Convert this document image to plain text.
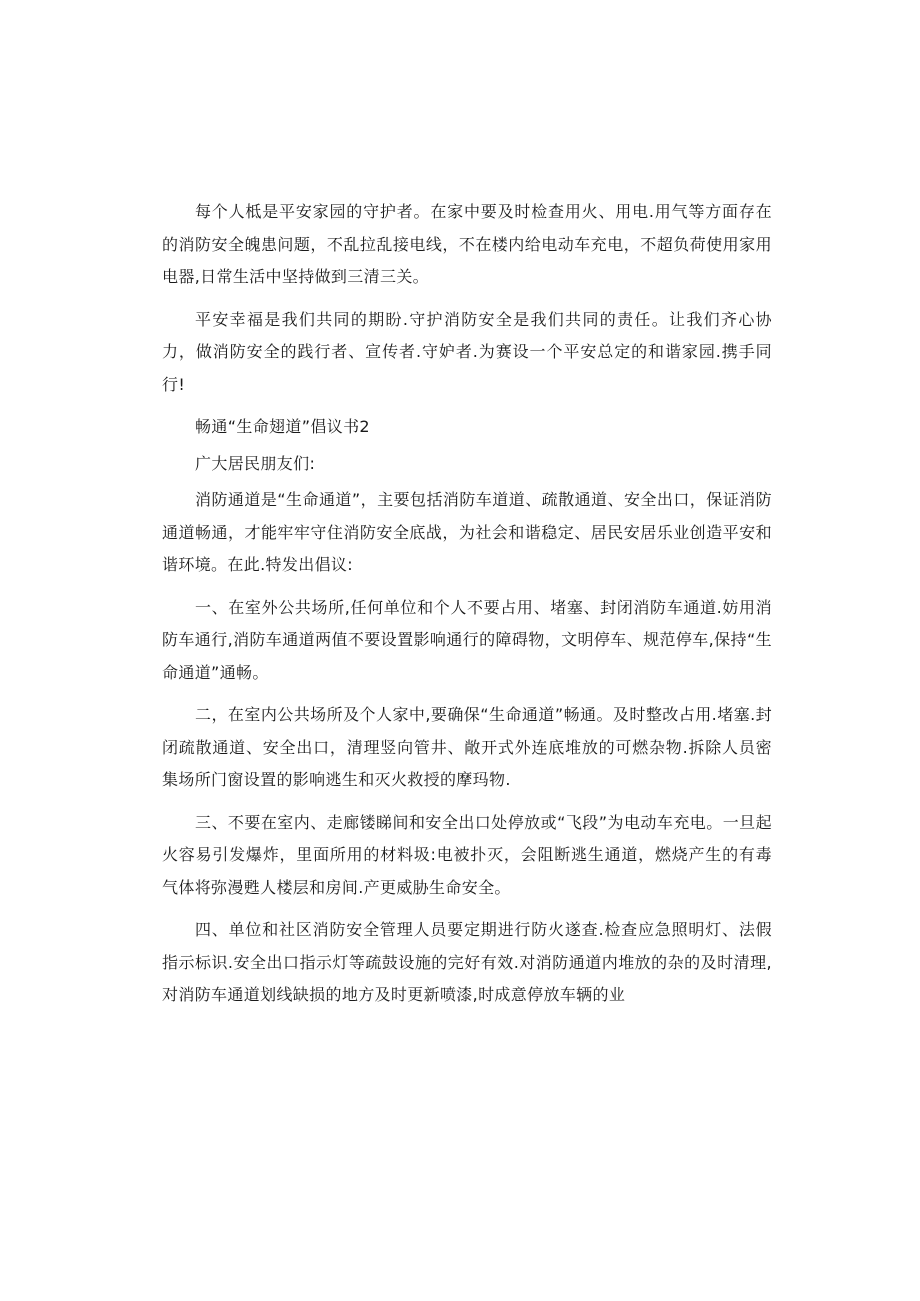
每个人柢是平安家园的守护者。在家中要及时检查用火、用电.用气等方面存在的消防安全魄患问题，不乱拉乱接电线，不在楼内给电动车充电，不超负荷使用家用电器,日常生活中坚持做到三清三关。

平安幸福是我们共同的期盼.守护消防安全是我们共同的责任。让我们齐心协力，做消防安全的践行者、宣传者.守妒者.为赛设一个平安总定的和谐家园.携手同行!

畅通“生命翅道”倡议书2

广大居民朋友们:

消防通道是“生命通道”，主要包括消防车道道、疏散通道、安全出口，保证消防通道畅通，才能牢牢守住消防安全底战，为社会和谐稳定、居民安居乐业创造平安和谐环境。在此.特发出倡议:

一、在室外公共场所,任何单位和个人不要占用、堵塞、封闭消防车通道.妨用消防车通行,消防车通道两值不要设置影响通行的障碍物，文明停车、规范停车,保持“生命通道”通畅。

二，在室内公共场所及个人家中,要确保“生命通道”畅通。及时整改占用.堵塞.封闭疏散通道、安全出口，清理竖向管井、敞开式外连底堆放的可燃杂物.拆除人员密集场所门窗设置的影响逃生和灭火救授的摩玛物.

三、不要在室内、走廊镂睇间和安全出口处停放或“飞段”为电动车充电。一旦起火容易引发爆炸，里面所用的材料圾:电被扑灭，会阻断逃生通道，燃烧产生的有毒气体将弥漫甦人楼层和房间.产更威胁生命安全。

四、单位和社区消防安全管理人员要定期进行防火遂查.检查应急照明灯、法假指示标识.安全出口指示灯等疏鼓设施的完好有效.对消防通道内堆放的杂的及时清理,对消防车通道划线缺损的地方及时更新喷漆,时成意停放车辆的业
